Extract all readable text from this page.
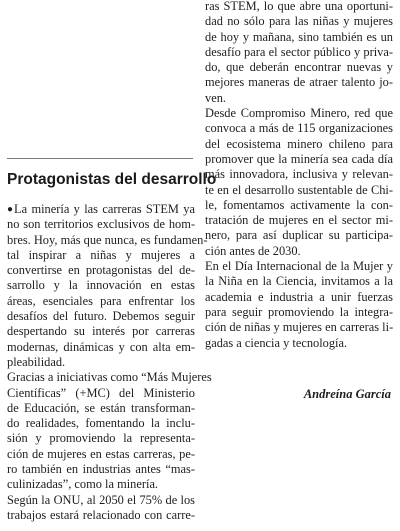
Protagonistas del desarrollo
●La minería y las carreras STEM ya
no son territorios exclusivos de hom-
bres. Hoy, más que nunca, es fundamen-
tal inspirar a niñas y mujeres a
convertirse en protagonistas del de-
sarrollo y la innovación en estas
áreas, esenciales para enfrentar los
desafíos del futuro. Debemos seguir
despertando su interés por carreras
modernas, dinámicas y con alta em-
pleabilidad.
Gracias a iniciativas como “Más Mujeres
Científicas” (+MC) del Ministerio
de Educación, se están transforman-
do realidades, fomentando la inclu-
sión y promoviendo la representa-
ción de mujeres en estas carreras, pe-
ro también en industrias antes “mas-
culinizadas”, como la minería.
Según la ONU, al 2050 el 75% de los
trabajos estará relacionado con carre-
ras STEM, lo que abre una oportuni-
dad no sólo para las niñas y mujeres
de hoy y mañana, sino también es un
desafío para el sector público y priva-
do, que deberán encontrar nuevas y
mejores maneras de atraer talento jo-
ven.
Desde Compromiso Minero, red que
convoca a más de 115 organizaciones
del ecosistema minero chileno para
promover que la minería sea cada día
más innovadora, inclusiva y relevan-
te en el desarrollo sustentable de Chi-
le, fomentamos activamente la con-
tratación de mujeres en el sector mi-
nero, para así duplicar su participa-
ción antes de 2030.
En el Día Internacional de la Mujer y
la Niña en la Ciencia, invitamos a la
academia e industria a unir fuerzas
para seguir promoviendo la integra-
ción de niñas y mujeres en carreras li-
gadas a ciencia y tecnología.

Andreína García
